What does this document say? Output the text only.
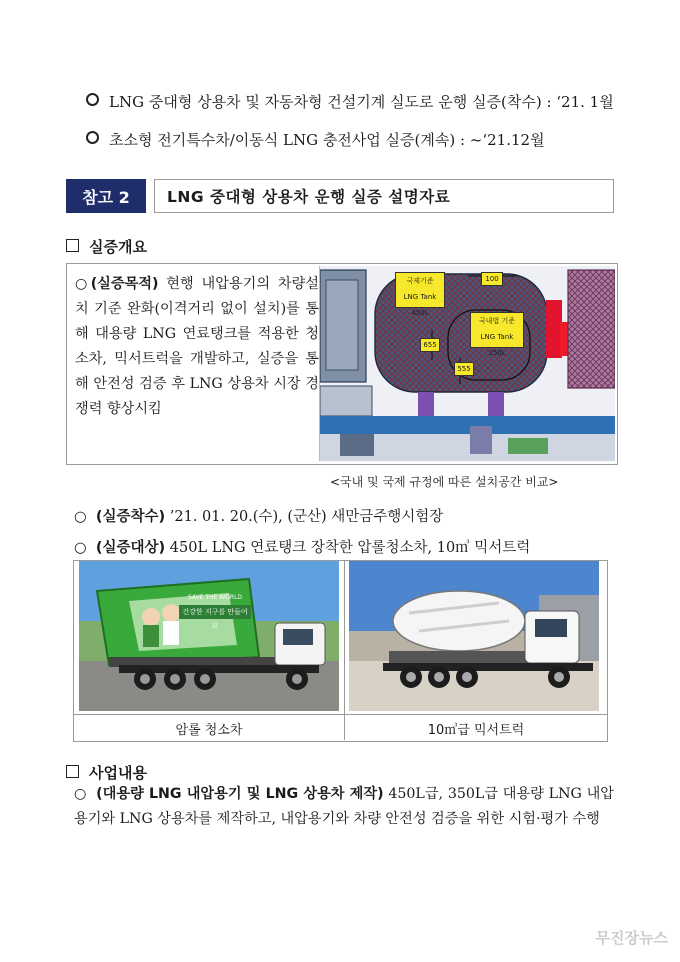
LNG 중대형 상용차 및 자동차형 건설기계 실도로 운행 실증(착수) : ‘21. 1월
초소형 전기특수차/이동식 LNG 충전사업 실증(계속) : ~‘21.12월
참고 2	LNG 중대형 상용차 운행 실증 설명자료
실증개요
○(실증목적) 현행 내압용기의 차량설치 기준 완화(이격거리 없이 설치)를 통해 대용량 LNG 연료탱크를 적용한 청소차, 믹서트럭을 개발하고, 실증을 통해 안전성 검증 후 LNG 상용차 시장 경쟁력 향상시킴
국제기준
LNG Tank 450L
국내법 기준
LNG Tank 250L
100
655
555
<국내 및 국제 규정에 따른 설치공간 비교>
○ (실증착수) ’21. 01. 20.(수), (군산) 새만금주행시험장
○ (실증대상) 450L LNG 연료탱크 장착한 압롤청소차, 10㎥ 믹서트럭
건강한 지구를 만들어요
SAVE THE WORLD
암롤 청소차	10㎥급 믹서트럭
사업내용
○ (대용량 LNG 내압용기 및 LNG 상용차 제작) 450L급, 350L급 대용량 LNG 내압용기와 LNG 상용차를 제작하고, 내압용기와 차량 안전성 검증을 위한 시험·평가 수행
무진장뉴스
